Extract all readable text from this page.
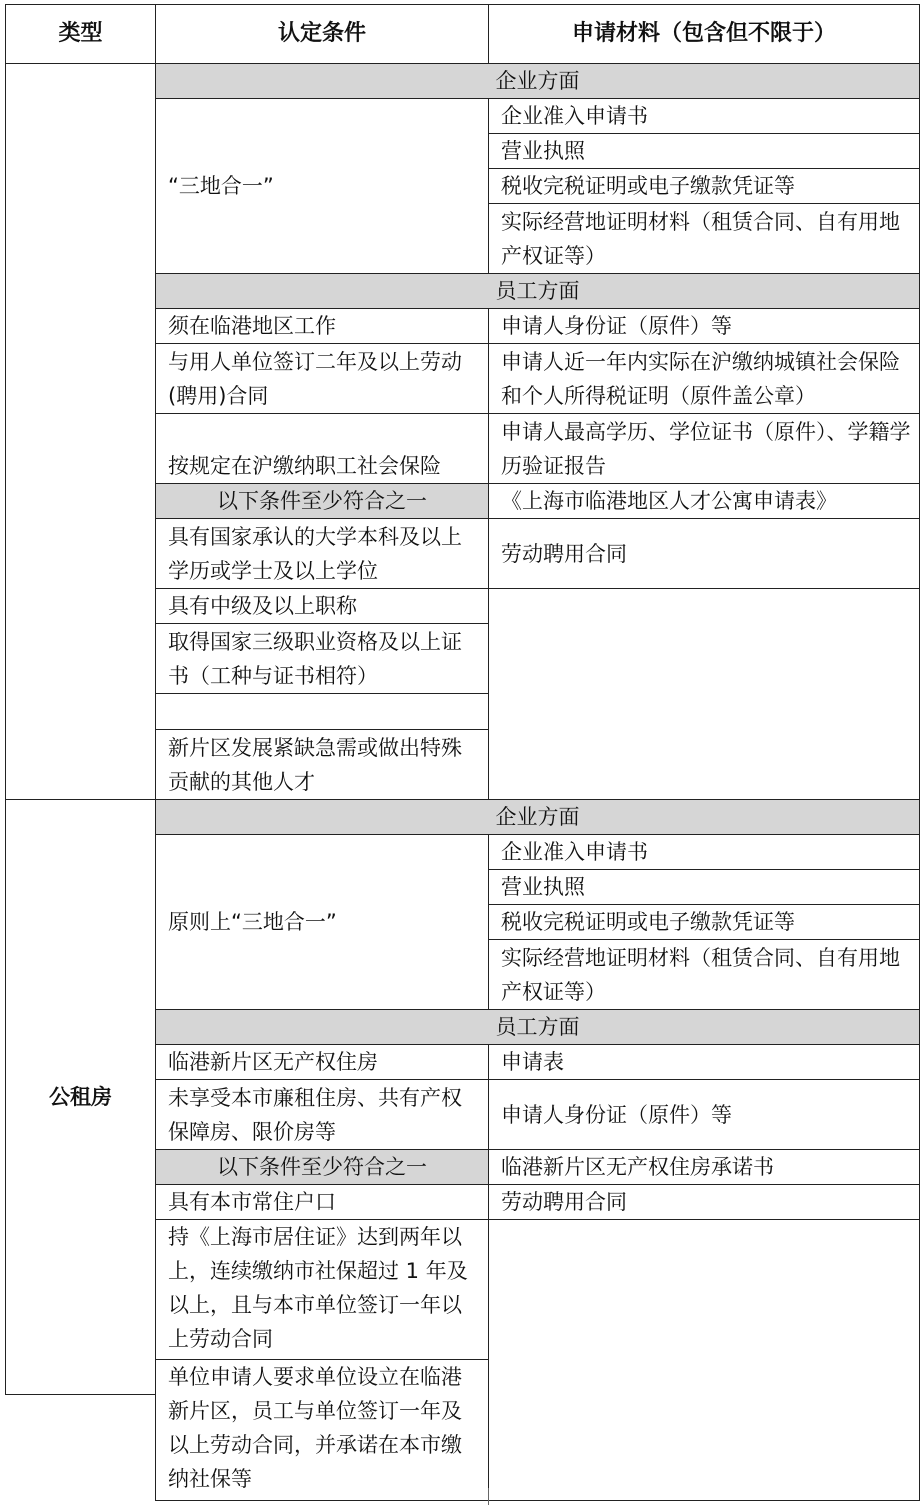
类型	认定条件	申请材料（包含但不限于）
	企业方面	
	“三地合一”	企业准入申请书
		营业执照
		税收完税证明或电子缴款凭证等
		实际经营地证明材料（租赁合同、自有用地产权证等）
	员工方面	
	须在临港地区工作	申请人身份证（原件）等
	与用人单位签订二年及以上劳动(聘用)合同	申请人近一年内实际在沪缴纳城镇社会保险和个人所得税证明（原件盖公章）
	按规定在沪缴纳职工社会保险	申请人最高学历、学位证书（原件）、学籍学历验证报告

	以下条件至少符合之一	《上海市临港地区人才公寓申请表》
	具有国家承认的大学本科及以上学历或学士及以上学位	劳动聘用合同
	具有中级及以上职称	
	取得国家三级职业资格及以上证书（工种与证书相符）	

	新片区发展紧缺急需或做出特殊贡献的其他人才	

公租房	企业方面	
	原则上“三地合一”	企业准入申请书
		营业执照
		税收完税证明或电子缴款凭证等
		实际经营地证明材料（租赁合同、自有用地产权证等）
	员工方面	
	临港新片区无产权住房	申请表
	未享受本市廉租住房、共有产权保障房、限价房等	申请人身份证（原件）等
	以下条件至少符合之一	临港新片区无产权住房承诺书
	具有本市常住户口	劳动聘用合同
	持《上海市居住证》达到两年以上，连续缴纳市社保超过 1 年及以上，且与本市单位签订一年以上劳动合同	

	单位申请人要求单位设立在临港新片区，员工与单位签订一年及以上劳动合同，并承诺在本市缴纳社保等	
